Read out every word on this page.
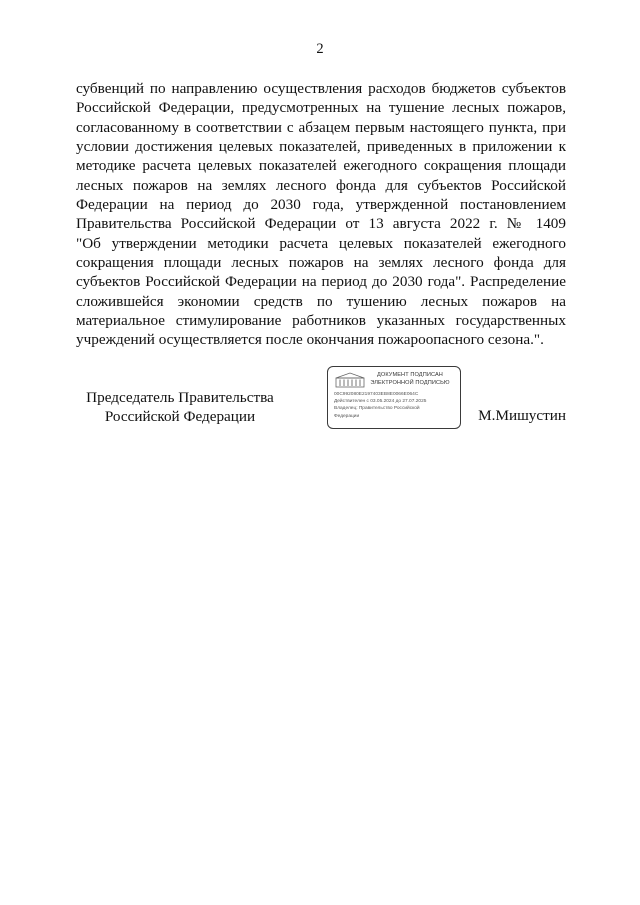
2
субвенций по направлению осуществления расходов бюджетов субъектов
Российской Федерации, предусмотренных на тушение лесных пожаров,
согласованному в соответствии с абзацем первым настоящего пункта, при
условии достижения целевых показателей, приведенных в приложении к
методике расчета целевых показателей ежегодного сокращения площади
лесных пожаров на землях лесного фонда для субъектов Российской
Федерации на период до 2030 года, утвержденной постановлением
Правительства Российской Федерации от 13 августа 2022 г. № 1409
"Об утверждении методики расчета целевых показателей ежегодного
сокращения площади лесных пожаров на землях лесного фонда для
субъектов Российской Федерации на период до 2030 года". Распределение
сложившейся экономии средств по тушению лесных пожаров на
материальное стимулирование работников указанных государственных
учреждений осуществляется после окончания пожароопасного сезона.".
Председатель Правительства
Российской Федерации
ДОКУМЕНТ ПОДПИСАН
ЭЛЕКТРОННОЙ ПОДПИСЬЮ
00C992080E2197403EB8E0066E064C
Действителен с 03.05.2024 до 27.07.2025
Владелец: Правительство Российской
Федерации	М.Мишустин
